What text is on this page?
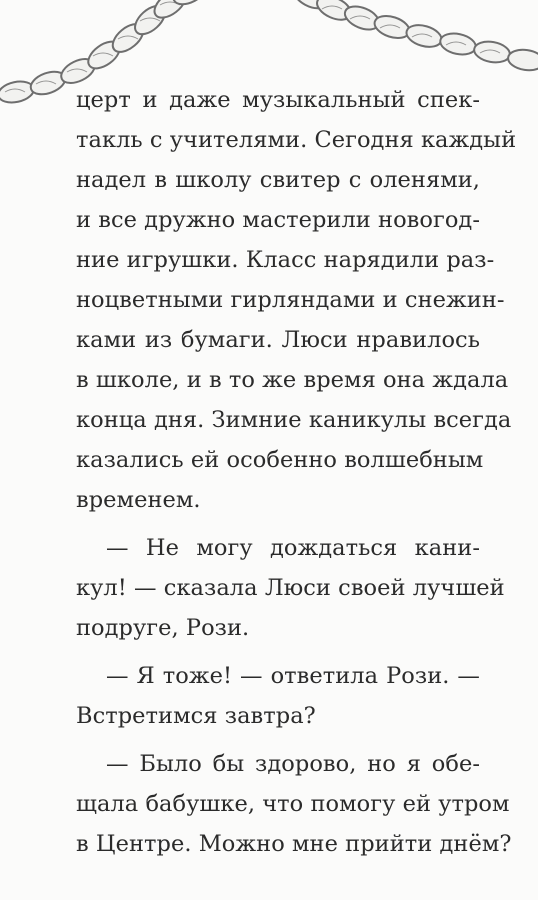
церт и даже музыкальный спек-
такль с учителями. Сегодня каждый
надел в школу свитер с оленями,
и все дружно мастерили новогод-
ние игрушки. Класс нарядили раз-
ноцветными гирляндами и снежин-
ками из бумаги. Люси нравилось
в школе, и в то же время она ждала
конца дня. Зимние каникулы всегда
казались ей особенно волшебным
временем.
— Не могу дождаться кани-
кул! — сказала Люси своей лучшей
подруге, Рози.
— Я тоже! — ответила Рози. —
Встретимся завтра?
— Было бы здорово, но я обе-
щала бабушке, что помогу ей утром
в Центре. Можно мне прийти днём?
